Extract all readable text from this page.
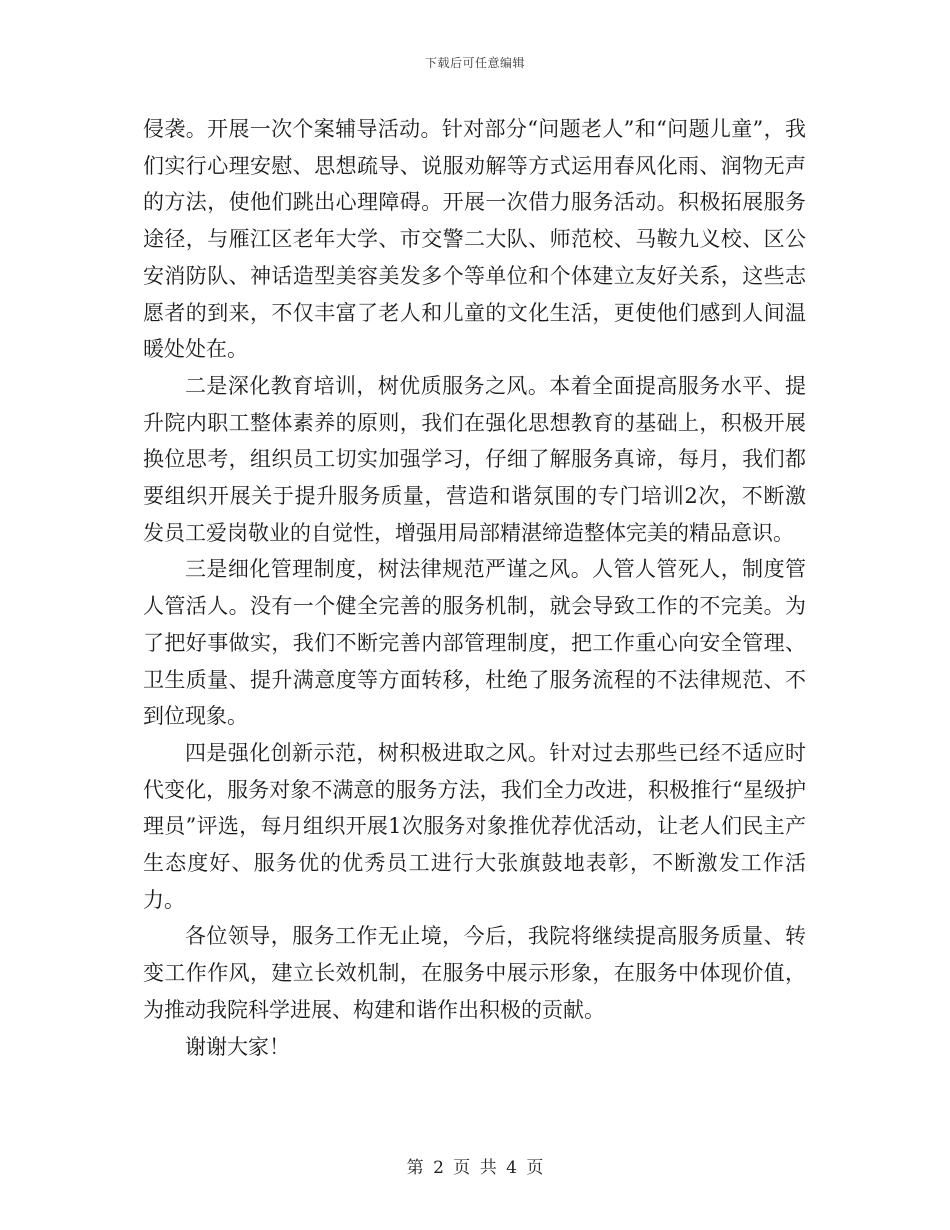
下载后可任意编辑

侵袭。开展一次个案辅导活动。针对部分“问题老人”和“问题儿童”，我们实行心理安慰、思想疏导、说服劝解等方式运用春风化雨、润物无声的方法，使他们跳出心理障碍。开展一次借力服务活动。积极拓展服务途径，与雁江区老年大学、市交警二大队、师范校、马鞍九义校、区公安消防队、神话造型美容美发多个等单位和个体建立友好关系，这些志愿者的到来，不仅丰富了老人和儿童的文化生活，更使他们感到人间温暖处处在。

二是深化教育培训，树优质服务之风。本着全面提高服务水平、提升院内职工整体素养的原则，我们在强化思想教育的基础上，积极开展换位思考，组织员工切实加强学习，仔细了解服务真谛，每月，我们都要组织开展关于提升服务质量，营造和谐氛围的专门培训2次，不断激发员工爱岗敬业的自觉性，增强用局部精湛缔造整体完美的精品意识。

三是细化管理制度，树法律规范严谨之风。人管人管死人，制度管人管活人。没有一个健全完善的服务机制，就会导致工作的不完美。为了把好事做实，我们不断完善内部管理制度，把工作重心向安全管理、卫生质量、提升满意度等方面转移，杜绝了服务流程的不法律规范、不到位现象。

四是强化创新示范，树积极进取之风。针对过去那些已经不适应时代变化，服务对象不满意的服务方法，我们全力改进，积极推行“星级护理员”评选，每月组织开展1次服务对象推优荐优活动，让老人们民主产生态度好、服务优的优秀员工进行大张旗鼓地表彰，不断激发工作活力。

各位领导，服务工作无止境，今后，我院将继续提高服务质量、转变工作作风，建立长效机制，在服务中展示形象，在服务中体现价值，为推动我院科学进展、构建和谐作出积极的贡献。

谢谢大家！

第 2 页 共 4 页
